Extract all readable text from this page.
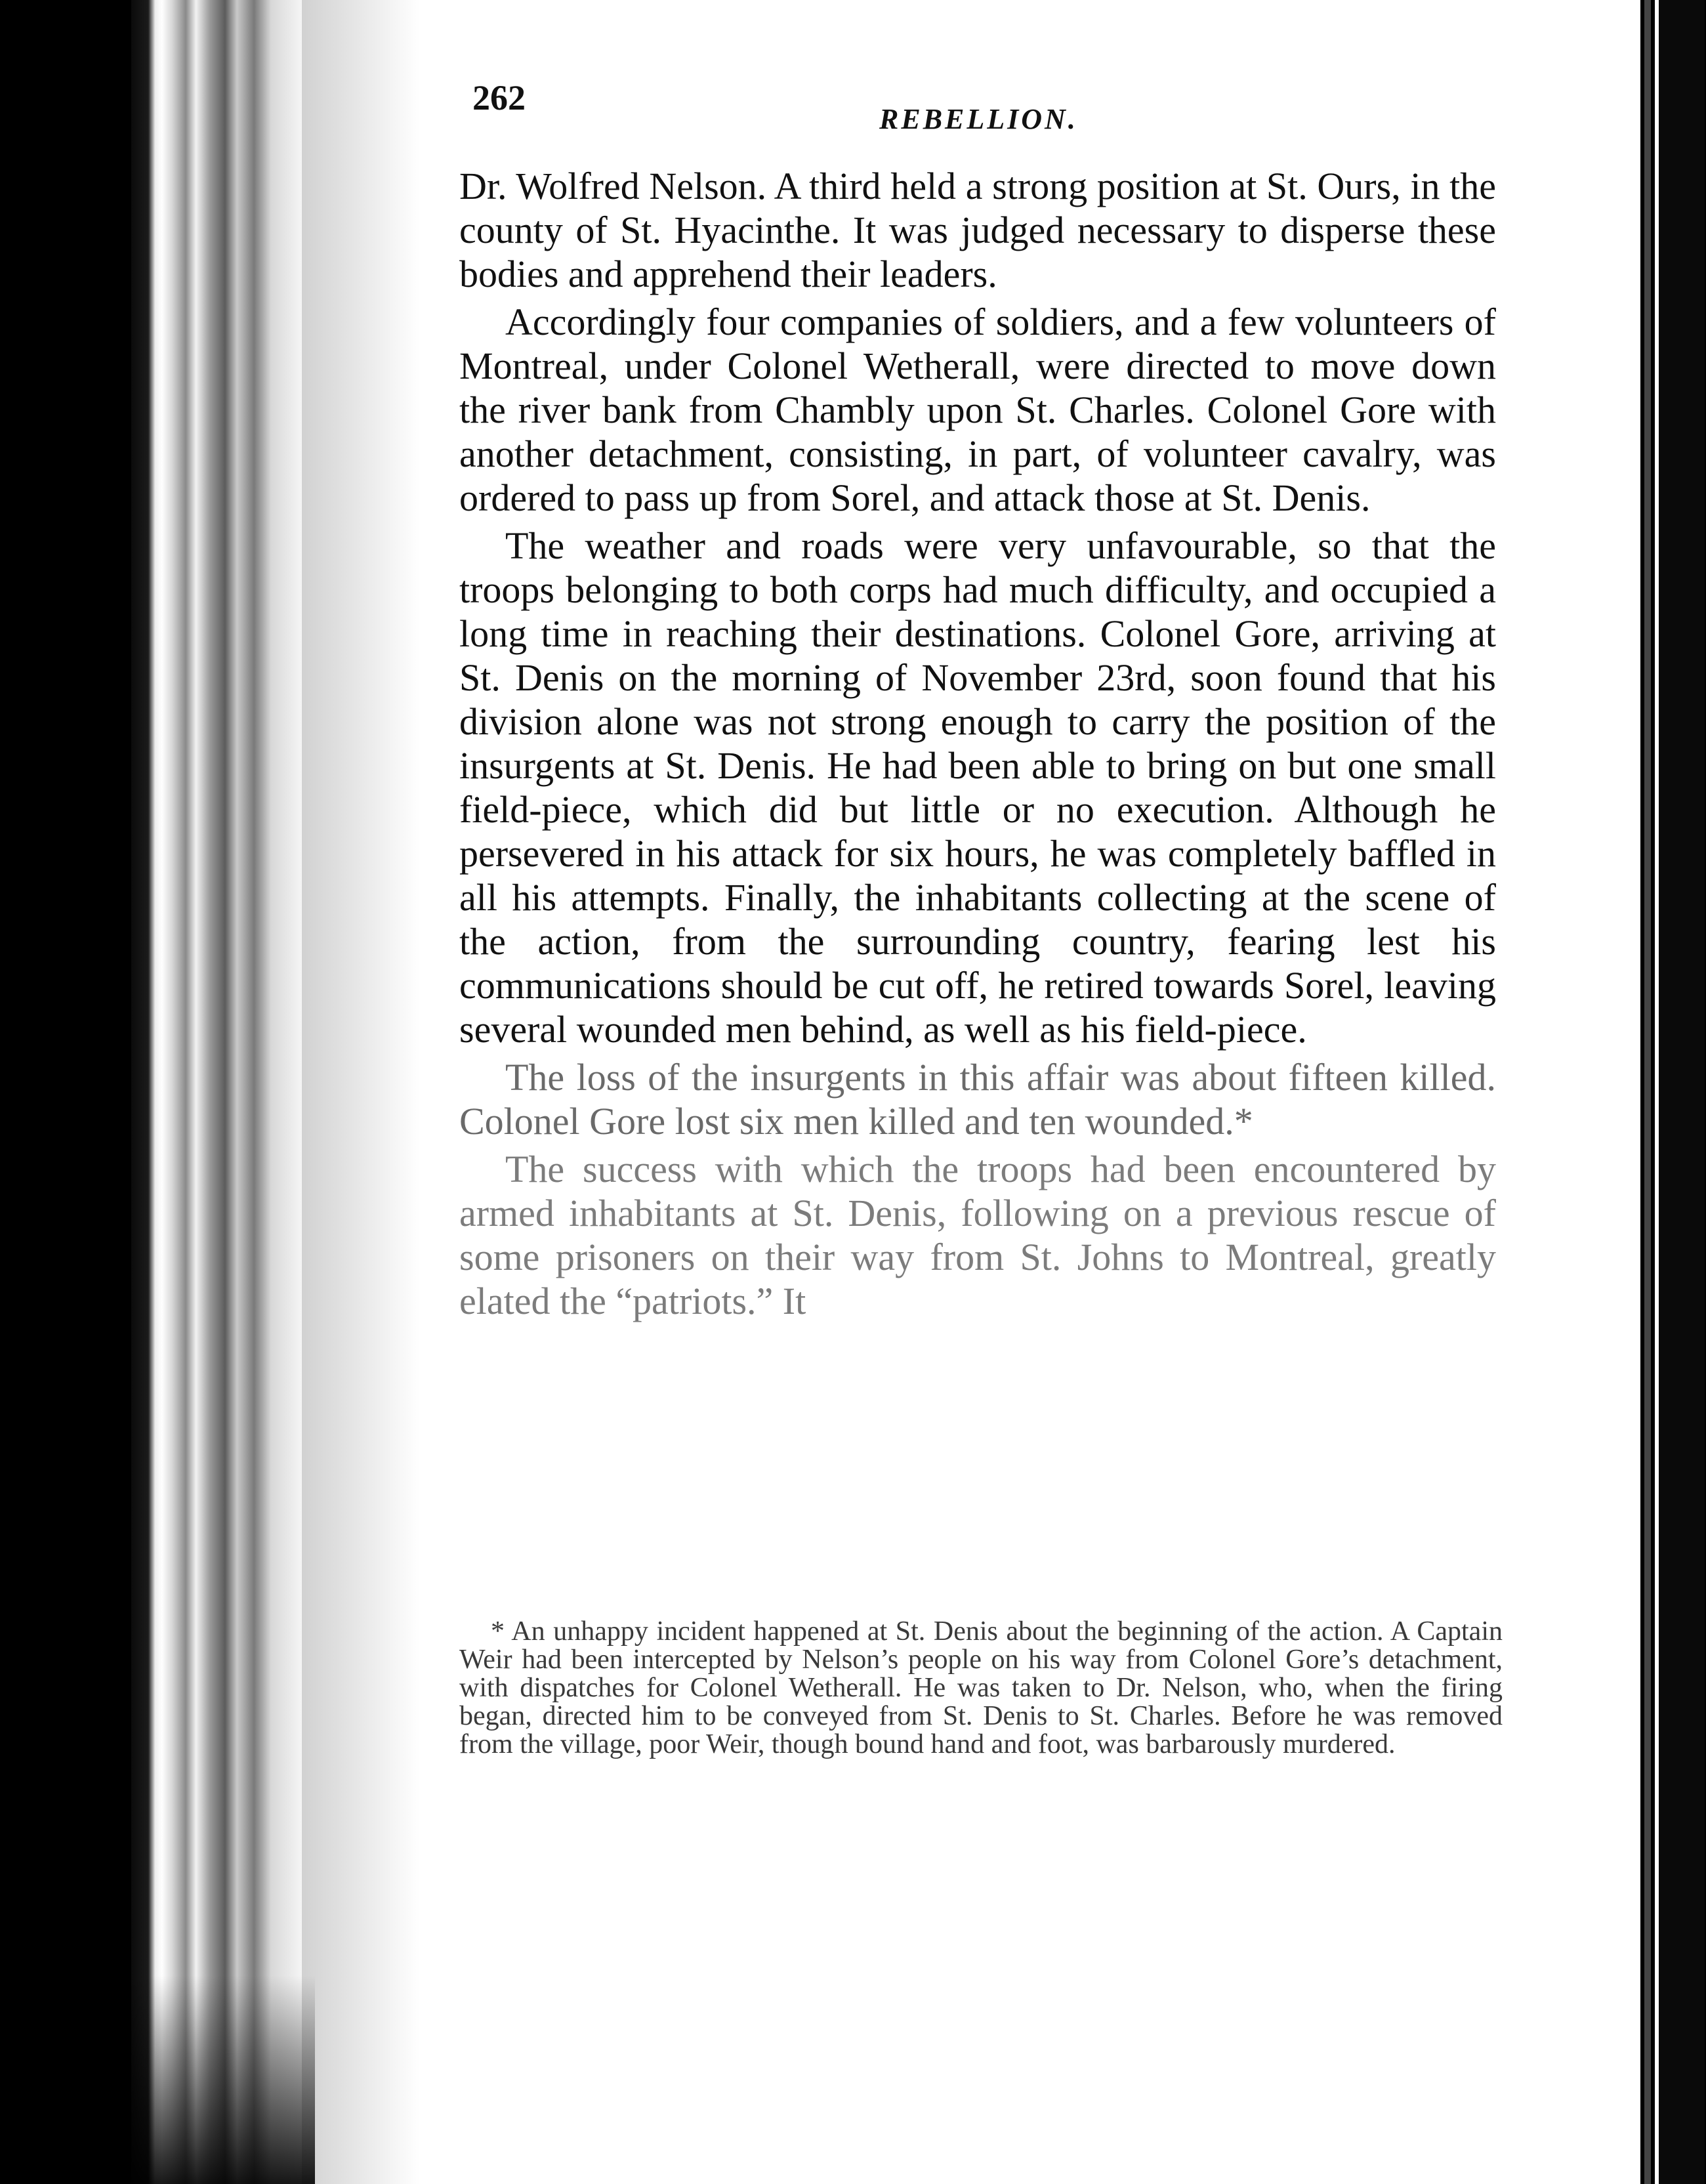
262
REBELLION.

Dr. Wolfred Nelson. A third held a strong position at St. Ours, in the county of St. Hyacinthe. It was judged necessary to disperse these bodies and apprehend their leaders.

Accordingly four companies of soldiers, and a few volunteers of Montreal, under Colonel Wetherall, were directed to move down the river bank from Chambly upon St. Charles. Colonel Gore with another detachment, consisting, in part, of volunteer cavalry, was ordered to pass up from Sorel, and attack those at St. Denis.

The weather and roads were very unfavourable, so that the troops belonging to both corps had much difficulty, and occupied a long time in reaching their destinations. Colonel Gore, arriving at St. Denis on the morning of November 23rd, soon found that his division alone was not strong enough to carry the position of the insurgents at St. Denis. He had been able to bring on but one small field-piece, which did but little or no execution. Although he persevered in his attack for six hours, he was completely baffled in all his attempts. Finally, the inhabitants collecting at the scene of the action, from the surrounding country, fearing lest his communications should be cut off, he retired towards Sorel, leaving several wounded men behind, as well as his field-piece.

The loss of the insurgents in this affair was about fifteen killed. Colonel Gore lost six men killed and ten wounded.*

The success with which the troops had been encountered by armed inhabitants at St. Denis, following on a previous rescue of some prisoners on their way from St. Johns to Montreal, greatly elated the “patriots.” It

* An unhappy incident happened at St. Denis about the beginning of the action. A Captain Weir had been intercepted by Nelson’s people on his way from Colonel Gore’s detachment, with dispatches for Colonel Wetherall. He was taken to Dr. Nelson, who, when the firing began, directed him to be conveyed from St. Denis to St. Charles. Before he was removed from the village, poor Weir, though bound hand and foot, was barbarously murdered.
